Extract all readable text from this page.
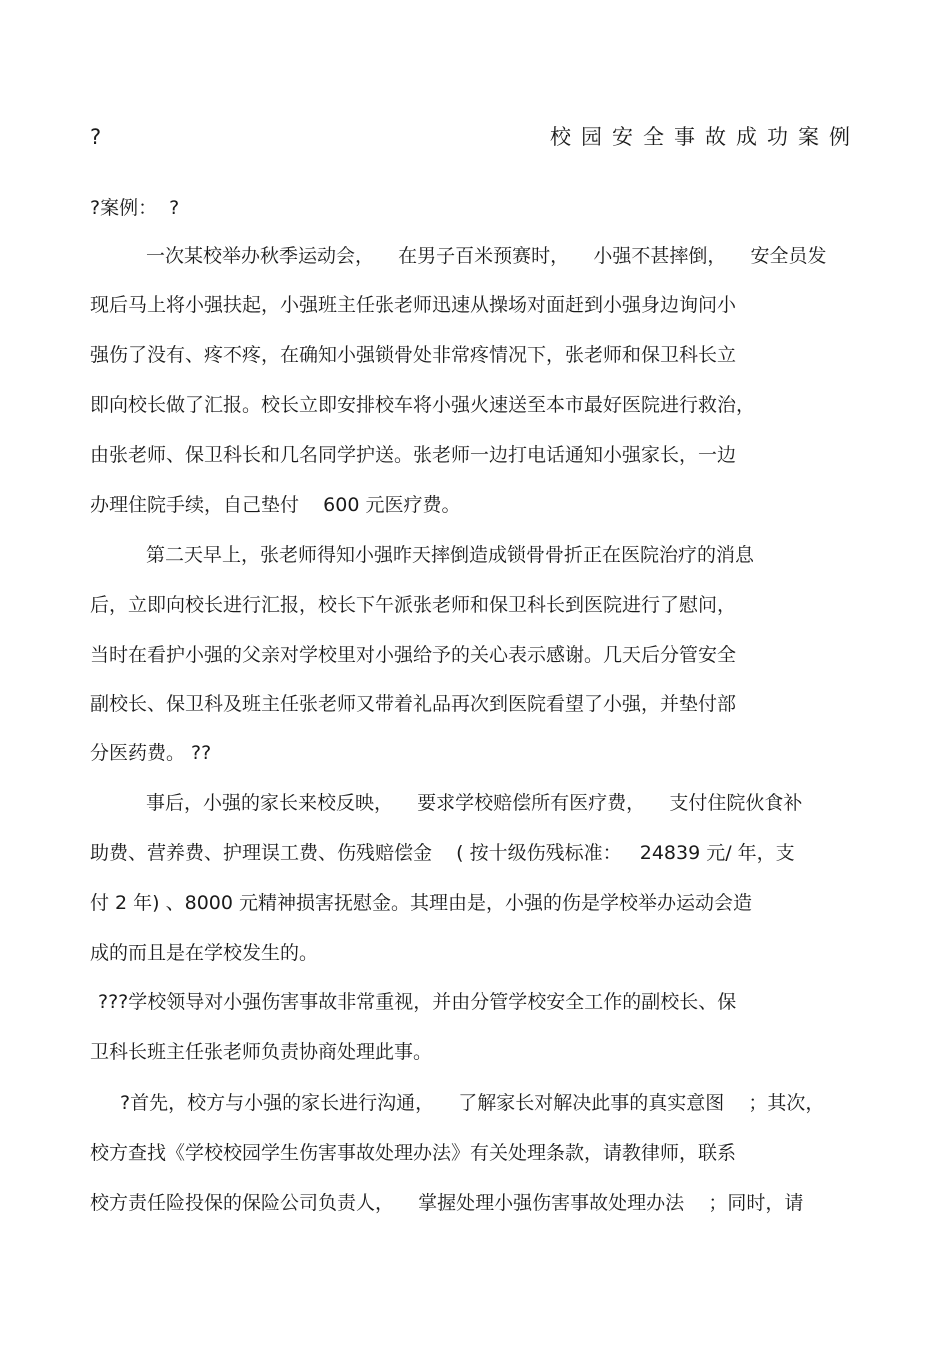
?	校园安全事故成功案例
?案例：  ?
一次某校举办秋季运动会，    在男子百米预赛时，    小强不甚摔倒，    安全员发
现后马上将小强扶起，小强班主任张老师迅速从操场对面赶到小强身边询问小
强伤了没有、疼不疼，在确知小强锁骨处非常疼情况下，张老师和保卫科长立
即向校长做了汇报。校长立即安排校车将小强火速送至本市最好医院进行救治，
由张老师、保卫科长和几名同学护送。张老师一边打电话通知小强家长，一边
办理住院手续，自己垫付    600 元医疗费。
第二天早上，张老师得知小强昨天摔倒造成锁骨骨折正在医院治疗的消息
后，立即向校长进行汇报，校长下午派张老师和保卫科长到医院进行了慰问，
当时在看护小强的父亲对学校里对小强给予的关心表示感谢。几天后分管安全
副校长、保卫科及班主任张老师又带着礼品再次到医院看望了小强，并垫付部
分医药费。 ??
事后，小强的家长来校反映，    要求学校赔偿所有医疗费，    支付住院伙食补
助费、营养费、护理误工费、伤残赔偿金    ( 按十级伤残标准：   24839 元/ 年，支
付 2 年) 、8000 元精神损害抚慰金。其理由是，小强的伤是学校举办运动会造
成的而且是在学校发生的。
???学校领导对小强伤害事故非常重视，并由分管学校安全工作的副校长、保
卫科长班主任张老师负责协商处理此事。
?首先，校方与小强的家长进行沟通，    了解家长对解决此事的真实意图    ；其次，
校方查找《学校校园学生伤害事故处理办法》有关处理条款，请教律师，联系
校方责任险投保的保险公司负责人，    掌握处理小强伤害事故处理办法    ；同时，请
